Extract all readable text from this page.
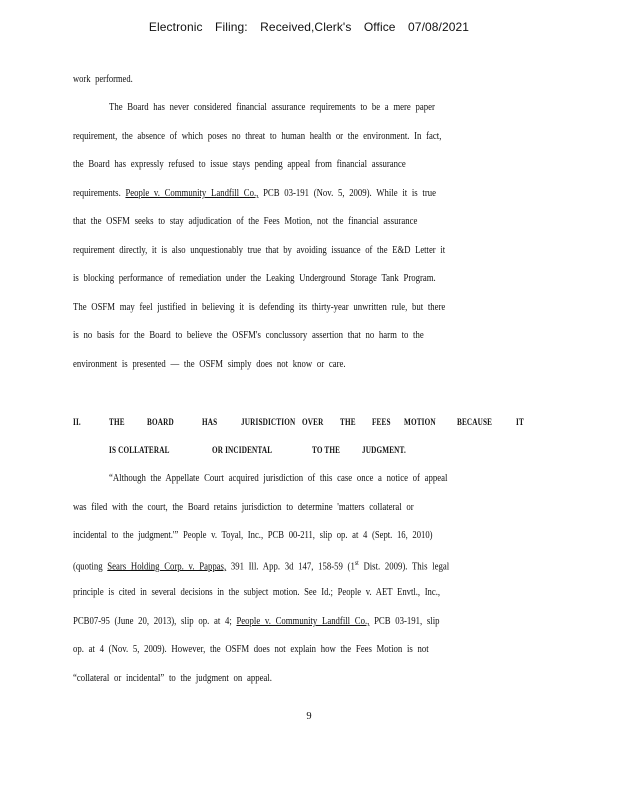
Electronic Filing: Received,Clerk's Office 07/08/2021
work performed.
The Board has never considered financial assurance requirements to be a mere paper
requirement, the absence of which poses no threat to human health or the environment. In fact,
the Board has expressly refused to issue stays pending appeal from financial assurance
requirements. People v. Community Landfill Co., PCB 03-191 (Nov. 5, 2009). While it is true
that the OSFM seeks to stay adjudication of the Fees Motion, not the financial assurance
requirement directly, it is also unquestionably true that by avoiding issuance of the E&D Letter it
is blocking performance of remediation under the Leaking Underground Storage Tank Program.
The OSFM may feel justified in believing it is defending its thirty-year unwritten rule, but there
is no basis for the Board to believe the OSFM's conclussory assertion that no harm to the
environment is presented — the OSFM simply does not know or care.
II.	THE BOARD	HAS	JURISDICTION OVER THE FEES MOTION BECAUSE	IT
IS COLLATERAL	OR INCIDENTAL	TO THE JUDGMENT.
“Although the Appellate Court acquired jurisdiction of this case once a notice of appeal
was filed with the court, the Board retains jurisdiction to determine 'matters collateral or
incidental to the judgment.'” People v. Toyal, Inc., PCB 00-211, slip op. at 4 (Sept. 16, 2010)
(quoting Sears Holding Corp. v. Pappas, 391 Ill. App. 3d 147, 158-59 (1st Dist. 2009). This legal
principle is cited in several decisions in the subject motion. See Id.; People v. AET Envtl., Inc.,
PCB07-95 (June 20, 2013), slip op. at 4; People v. Community Landfill Co., PCB 03-191, slip
op. at 4 (Nov. 5, 2009). However, the OSFM does not explain how the Fees Motion is not
“collateral or incidental” to the judgment on appeal.
9
